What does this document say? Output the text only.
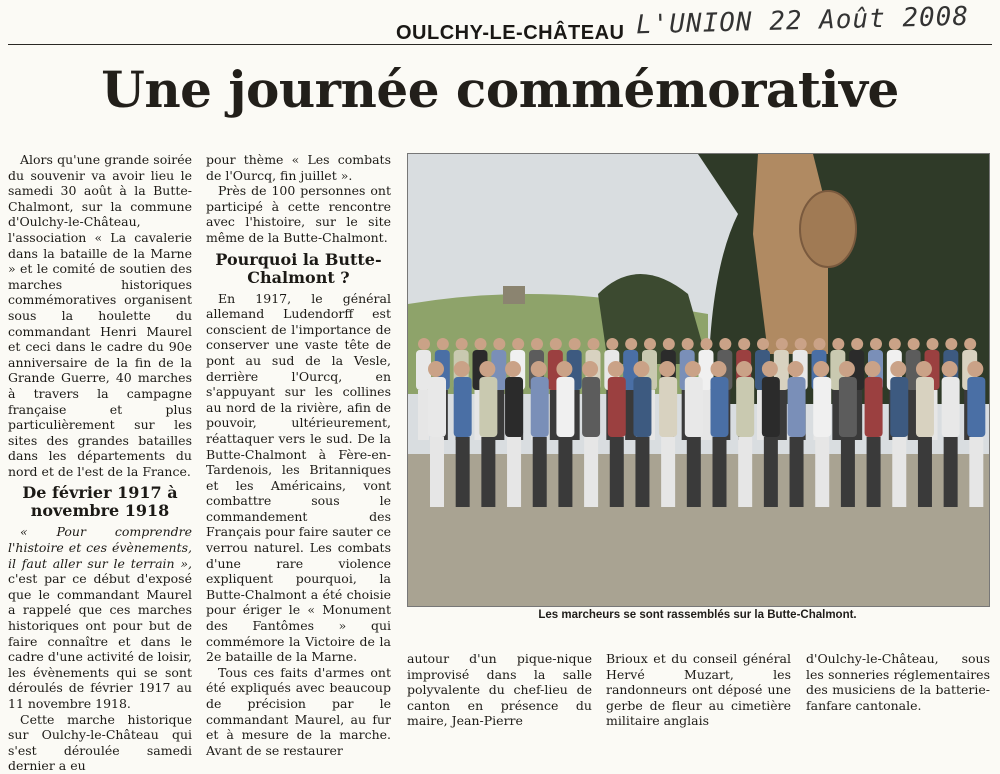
OULCHY-LE-CHÂTEAU L'UNION 22 Août 2008
Une journée commémorative

Alors qu'une grande soirée du souvenir va avoir lieu le samedi 30 août à la Butte-Chalmont, sur la commune d'Oulchy-le-Château, l'association « La cavalerie dans la bataille de la Marne » et le comité de soutien des marches historiques commémoratives organisent sous la houlette du commandant Henri Maurel et ceci dans le cadre du 90e anniversaire de la fin de la Grande Guerre, 40 marches à travers la campagne française et plus particulièrement sur les sites des grandes batailles dans les départements du nord et de l'est de la France.

De février 1917 à novembre 1918

« Pour comprendre l'histoire et ces évènements, il faut aller sur le terrain », c'est par ce début d'exposé que le commandant Maurel a rappelé que ces marches historiques ont pour but de faire connaître et dans le cadre d'une activité de loisir, les évènements qui se sont déroulés de février 1917 au 11 novembre 1918.

Cette marche historique sur Oulchy-le-Château qui s'est déroulée samedi dernier a eu

pour thème « Les combats de l'Ourcq, fin juillet ».

Près de 100 personnes ont participé à cette rencontre avec l'histoire, sur le site même de la Butte-Chalmont.

Pourquoi la Butte-Chalmont ?

En 1917, le général allemand Ludendorff est conscient de l'importance de conserver une vaste tête de pont au sud de la Vesle, derrière l'Ourcq, en s'appuyant sur les collines au nord de la rivière, afin de pouvoir, ultérieurement, réattaquer vers le sud. De la Butte-Chalmont à Fère-en-Tardenois, les Britanniques et les Américains, vont combattre sous le commandement des Français pour faire sauter ce verrou naturel. Les combats d'une rare violence expliquent pourquoi, la Butte-Chalmont a été choisie pour ériger le « Monument des Fantômes » qui commémore la Victoire de la 2e bataille de la Marne.

Tous ces faits d'armes ont été expliqués avec beaucoup de précision par le commandant Maurel, au fur et à mesure de la marche. Avant de se restaurer

Les marcheurs se sont rassemblés sur la Butte-Chalmont.

autour d'un pique-nique improvisé dans la salle polyvalente du chef-lieu de canton en présence du maire, Jean-Pierre

Brioux et du conseil général Hervé Muzart, les randonneurs ont déposé une gerbe de fleur au cimetière militaire anglais

d'Oulchy-le-Château, sous les sonneries réglementaires des musiciens de la batterie-fanfare cantonale.
